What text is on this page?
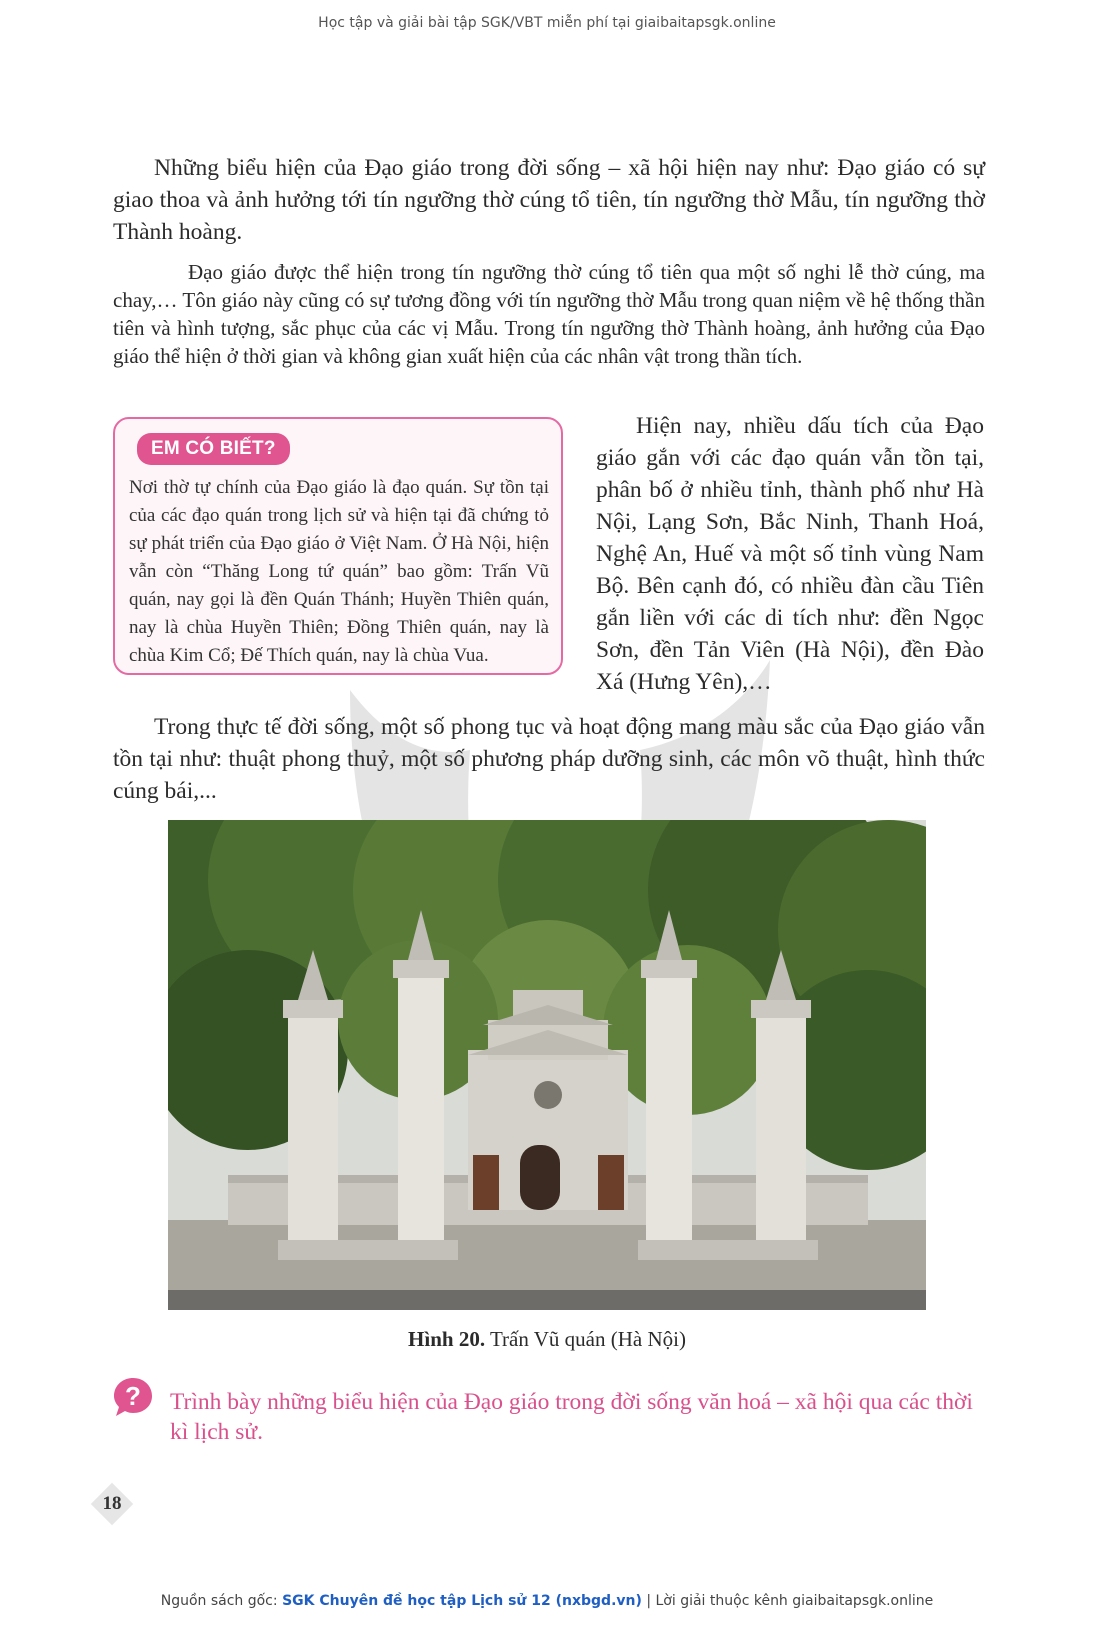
Học tập và giải bài tập SGK/VBT miễn phí tại giaibaitapsgk.online

Những biểu hiện của Đạo giáo trong đời sống – xã hội hiện nay như: Đạo giáo có sự giao thoa và ảnh hưởng tới tín ngưỡng thờ cúng tổ tiên, tín ngưỡng thờ Mẫu, tín ngưỡng thờ Thành hoàng.

Đạo giáo được thể hiện trong tín ngưỡng thờ cúng tổ tiên qua một số nghi lễ thờ cúng, ma chay,… Tôn giáo này cũng có sự tương đồng với tín ngưỡng thờ Mẫu trong quan niệm về hệ thống thần tiên và hình tượng, sắc phục của các vị Mẫu. Trong tín ngưỡng thờ Thành hoàng, ảnh hưởng của Đạo giáo thể hiện ở thời gian và không gian xuất hiện của các nhân vật trong thần tích.

EM CÓ BIẾT?

Nơi thờ tự chính của Đạo giáo là đạo quán. Sự tồn tại của các đạo quán trong lịch sử và hiện tại đã chứng tỏ sự phát triển của Đạo giáo ở Việt Nam. Ở Hà Nội, hiện vẫn còn “Thăng Long tứ quán” bao gồm: Trấn Vũ quán, nay gọi là đền Quán Thánh; Huyền Thiên quán, nay là chùa Huyền Thiên; Đồng Thiên quán, nay là chùa Kim Cổ; Đế Thích quán, nay là chùa Vua.

Hiện nay, nhiều dấu tích của Đạo giáo gắn với các đạo quán vẫn tồn tại, phân bố ở nhiều tỉnh, thành phố như Hà Nội, Lạng Sơn, Bắc Ninh, Thanh Hoá, Nghệ An, Huế và một số tỉnh vùng Nam Bộ. Bên cạnh đó, có nhiều đàn cầu Tiên gắn liền với các di tích như: đền Ngọc Sơn, đền Tản Viên (Hà Nội), đền Đào Xá (Hưng Yên),…

Trong thực tế đời sống, một số phong tục và hoạt động mang màu sắc của Đạo giáo vẫn tồn tại như: thuật phong thuỷ, một số phương pháp dưỡng sinh, các môn võ thuật, hình thức cúng bái,...

Hình 20. Trấn Vũ quán (Hà Nội)
? Trình bày những biểu hiện của Đạo giáo trong đời sống văn hoá – xã hội qua các thời kì lịch sử.

18
Nguồn sách gốc: SGK Chuyên đề học tập Lịch sử 12 (nxbgd.vn) | Lời giải thuộc kênh giaibaitapsgk.online
